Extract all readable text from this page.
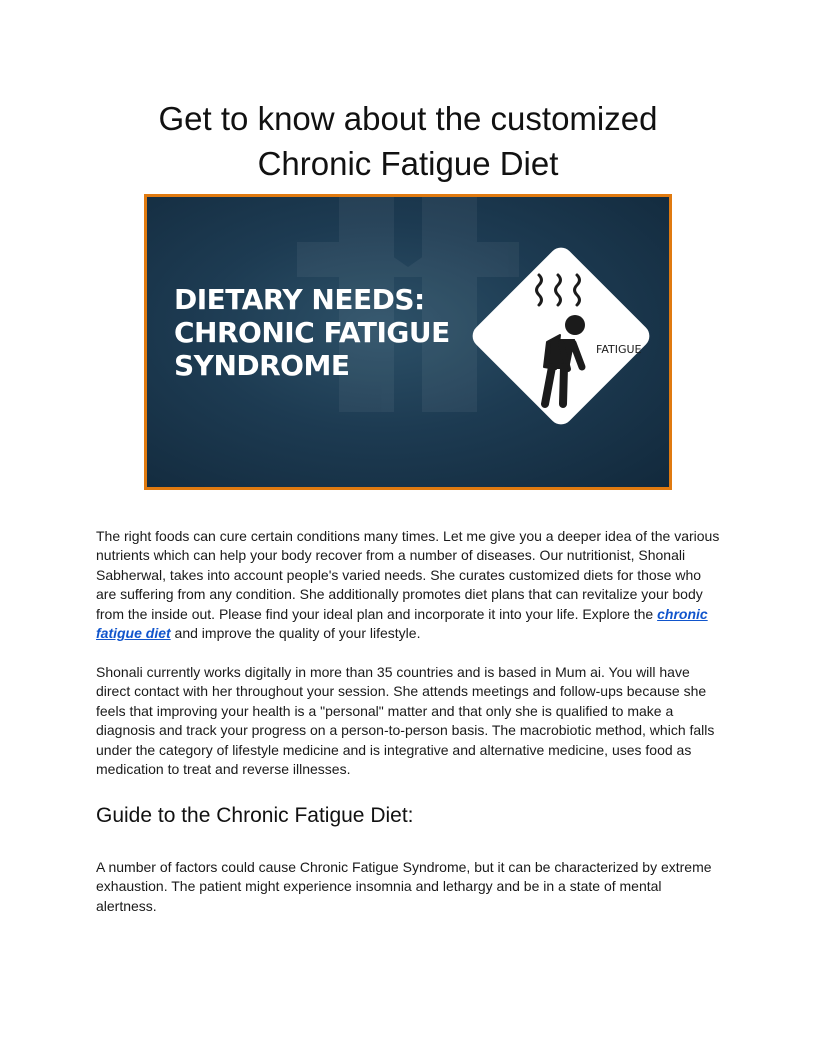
Get to know about the customized
Chronic Fatigue Diet
DIETARY NEEDS:
CHRONIC FATIGUE
SYNDROME	FATIGUE

The right foods can cure certain conditions many times. Let me give you a deeper idea of the various nutrients which can help your body recover from a number of diseases. Our nutritionist, Shonali Sabherwal, takes into account people's varied needs. She curates customized diets for those who are suffering from any condition. She additionally promotes diet plans that can revitalize your body from the inside out. Please find your ideal plan and incorporate it into your life. Explore the chronic fatigue diet and improve the quality of your lifestyle.

Shonali currently works digitally in more than 35 countries and is based in Mum ai. You will have direct contact with her throughout your session. She attends meetings and follow-ups because she feels that improving your health is a "personal" matter and that only she is qualified to make a diagnosis and track your progress on a person-to-person basis. The macrobiotic method, which falls under the category of lifestyle medicine and is integrative and alternative medicine, uses food as medication to treat and reverse illnesses.

Guide to the Chronic Fatigue Diet:

A number of factors could cause Chronic Fatigue Syndrome, but it can be characterized by extreme exhaustion. The patient might experience insomnia and lethargy and be in a state of mental alertness.
